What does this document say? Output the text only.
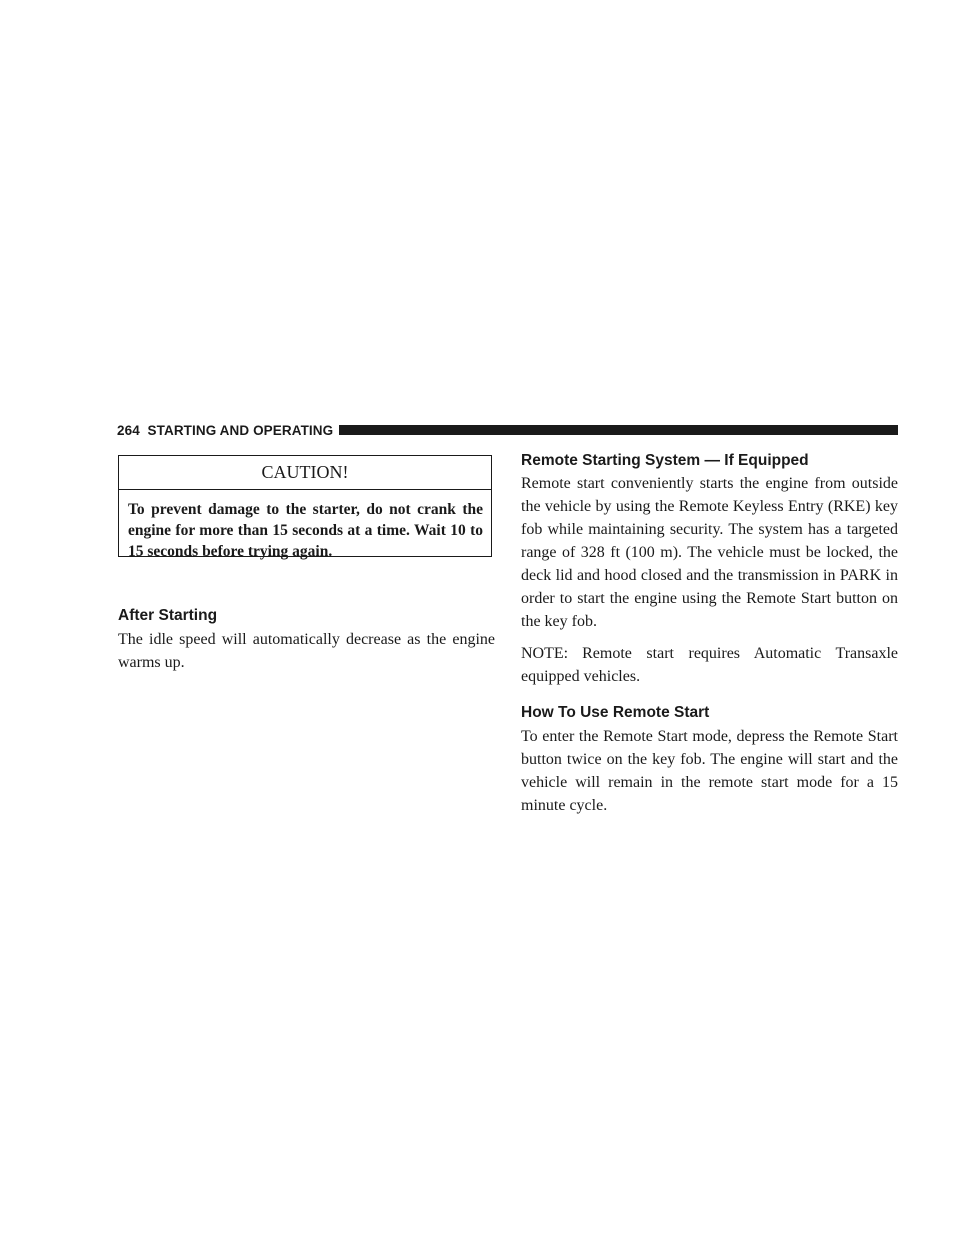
264 STARTING AND OPERATING
CAUTION!
To prevent damage to the starter, do not crank the engine for more than 15 seconds at a time. Wait 10 to 15 seconds before trying again.
After Starting

The idle speed will automatically decrease as the engine warms up.

Remote Starting System — If Equipped

Remote start conveniently starts the engine from outside the vehicle by using the Remote Keyless Entry (RKE) key fob while maintaining security. The system has a targeted range of 328 ft (100 m). The vehicle must be locked, the deck lid and hood closed and the transmission in PARK in order to start the engine using the Remote Start button on the key fob.

NOTE: Remote start requires Automatic Transaxle equipped vehicles.

How To Use Remote Start

To enter the Remote Start mode, depress the Remote Start button twice on the key fob. The engine will start and the vehicle will remain in the remote start mode for a 15 minute cycle.
